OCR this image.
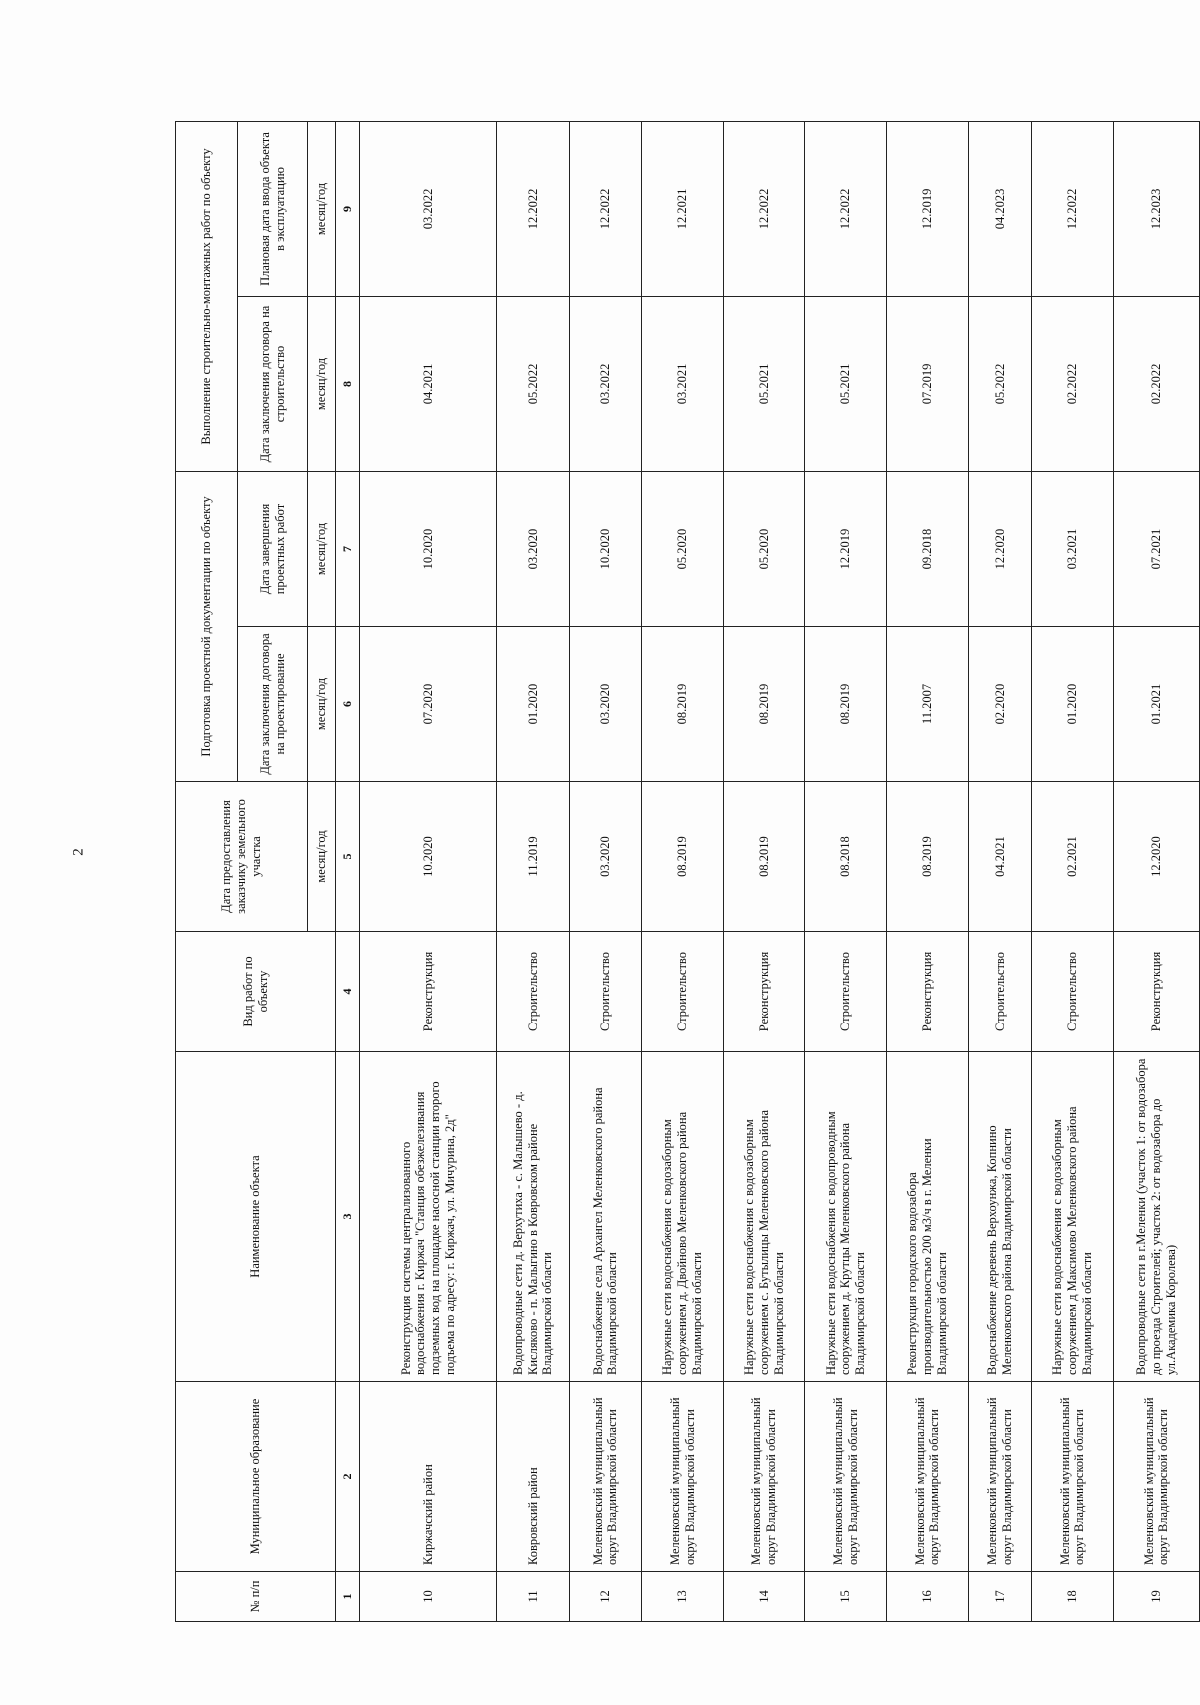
2
№ п/п	Муниципальное образование	Наименование объекта	Вид работ по объекту	Дата предоставления заказчику земельного участка	Подготовка проектной документации по объекту		Выполнение строительно-монтажных работ по объекту	
					Дата заключения договора на проектирование	Дата завершения проектных работ	Дата заключения договора на строительство	Плановая дата ввода объекта в эксплуатацию
				месяц/год	месяц/год	месяц/год	месяц/год	месяц/год
1	2	3	4	5	6	7	8	9
10	Киржачский район	Реконструкция системы централизованного водоснабжения г. Киржач "Станция обезжелезивания подземных вод на площадке насосной станции второго подъема по адресу: г. Киржач, ул. Мичурина, 2д"	Реконструкция	10.2020	07.2020	10.2020	04.2021	03.2022
11	Ковровский район	Водопроводные сети д. Верхутиха - с. Малышево - д. Кисляково - п. Малыгино в Ковровском районе Владимирской области	Строительство	11.2019	01.2020	03.2020	05.2022	12.2022
12	Меленковский муниципальный округ Владимирской области	Водоснабжение села Архангел Меленковского района Владимирской области	Строительство	03.2020	03.2020	10.2020	03.2022	12.2022
13	Меленковский муниципальный округ Владимирской области	Наружные сети водоснабжения с водозаборным сооружением д. Двойново Меленковского района Владимирской области	Строительство	08.2019	08.2019	05.2020	03.2021	12.2021
14	Меленковский муниципальный округ Владимирской области	Наружные сети водоснабжения с водозаборным сооружением с. Бутылицы Меленковского района Владимирской области	Реконструкция	08.2019	08.2019	05.2020	05.2021	12.2022
15	Меленковский муниципальный округ Владимирской области	Наружные сети водоснабжения с водопроводным сооружением д. Крутцы Меленковского района Владимирской области	Строительство	08.2018	08.2019	12.2019	05.2021	12.2022
16	Меленковский муниципальный округ Владимирской области	Реконструкция городского водозабора производительностью 200 м3/ч в г. Меленки Владимирской области	Реконструкция	08.2019	11.2007	09.2018	07.2019	12.2019
17	Меленковский муниципальный округ Владимирской области	Водоснабжение деревень Верхоунжа, Копнино Меленковского района Владимирской области	Строительство	04.2021	02.2020	12.2020	05.2022	04.2023
18	Меленковский муниципальный округ Владимирской области	Наружные сети водоснабжения с водозаборным сооружением д Максимово Меленковского района Владимирской области	Строительство	02.2021	01.2020	03.2021	02.2022	12.2022
19	Меленковский муниципальный округ Владимирской области	Водопроводные сети в г.Меленки (участок 1: от водозабора до проезда Строителей; участок 2: от водозабора до ул.Академика Королева)	Реконструкция	12.2020	01.2021	07.2021	02.2022	12.2023
